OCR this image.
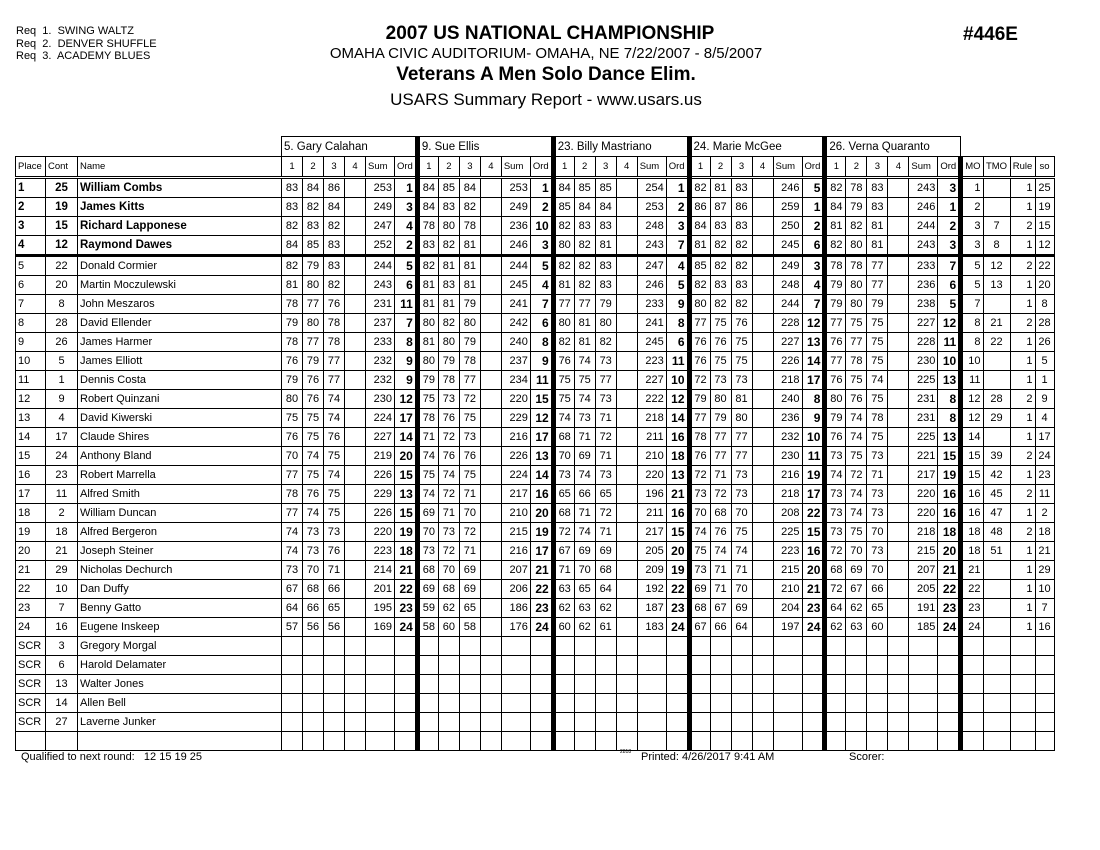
Req  1.  SWING WALTZ
Req  2.  DENVER SHUFFLE
Req  3.  ACADEMY BLUES
2007 US NATIONAL CHAMPIONSHIP
OMAHA CIVIC AUDITORIUM- OMAHA, NE 7/22/2007 - 8/5/2007
Veterans A Men Solo Dance Elim.
USARS Summary Report - www.usars.us
#446E
			5. Gary Calahan						9. Sue Ellis						23. Billy Mastriano						24. Marie McGee						26. Verna Quaranto									
Place	Cont	Name	1	2	3	4	Sum	Ord	1	2	3	4	Sum	Ord	1	2	3	4	Sum	Ord	1	2	3	4	Sum	Ord	1	2	3	4	Sum	Ord	MO	TMO	Rule	so
1	25	William Combs	83	84	86		253	1	84	85	84		253	1	84	85	85		254	1	82	81	83		246	5	82	78	83		243	3	1		1	25
2	19	James Kitts	83	82	84		249	3	84	83	82		249	2	85	84	84		253	2	86	87	86		259	1	84	79	83		246	1	2		1	19
3	15	Richard Lapponese	82	83	82		247	4	78	80	78		236	10	82	83	83		248	3	84	83	83		250	2	81	82	81		244	2	3	7	2	15
4	12	Raymond Dawes	84	85	83		252	2	83	82	81		246	3	80	82	81		243	7	81	82	82		245	6	82	80	81		243	3	3	8	1	12
5	22	Donald Cormier	82	79	83		244	5	82	81	81		244	5	82	82	83		247	4	85	82	82		249	3	78	78	77		233	7	5	12	2	22
6	20	Martin Moczulewski	81	80	82		243	6	81	83	81		245	4	81	82	83		246	5	82	83	83		248	4	79	80	77		236	6	5	13	1	20
7	8	John Meszaros	78	77	76		231	11	81	81	79		241	7	77	77	79		233	9	80	82	82		244	7	79	80	79		238	5	7		1	8
8	28	David Ellender	79	80	78		237	7	80	82	80		242	6	80	81	80		241	8	77	75	76		228	12	77	75	75		227	12	8	21	2	28
9	26	James Harmer	78	77	78		233	8	81	80	79		240	8	82	81	82		245	6	76	76	75		227	13	76	77	75		228	11	8	22	1	26
10	5	James Elliott	76	79	77		232	9	80	79	78		237	9	76	74	73		223	11	76	75	75		226	14	77	78	75		230	10	10		1	5
11	1	Dennis Costa	79	76	77		232	9	79	78	77		234	11	75	75	77		227	10	72	73	73		218	17	76	75	74		225	13	11		1	1
12	9	Robert Quinzani	80	76	74		230	12	75	73	72		220	15	75	74	73		222	12	79	80	81		240	8	80	76	75		231	8	12	28	2	9
13	4	David Kiwerski	75	75	74		224	17	78	76	75		229	12	74	73	71		218	14	77	79	80		236	9	79	74	78		231	8	12	29	1	4
14	17	Claude Shires	76	75	76		227	14	71	72	73		216	17	68	71	72		211	16	78	77	77		232	10	76	74	75		225	13	14		1	17
15	24	Anthony Bland	70	74	75		219	20	74	76	76		226	13	70	69	71		210	18	76	77	77		230	11	73	75	73		221	15	15	39	2	24
16	23	Robert Marrella	77	75	74		226	15	75	74	75		224	14	73	74	73		220	13	72	71	73		216	19	74	72	71		217	19	15	42	1	23
17	11	Alfred Smith	78	76	75		229	13	74	72	71		217	16	65	66	65		196	21	73	72	73		218	17	73	74	73		220	16	16	45	2	11
18	2	William Duncan	77	74	75		226	15	69	71	70		210	20	68	71	72		211	16	70	68	70		208	22	73	74	73		220	16	16	47	1	2
19	18	Alfred Bergeron	74	73	73		220	19	70	73	72		215	19	72	74	71		217	15	74	76	75		225	15	73	75	70		218	18	18	48	2	18
20	21	Joseph Steiner	74	73	76		223	18	73	72	71		216	17	67	69	69		205	20	75	74	74		223	16	72	70	73		215	20	18	51	1	21
21	29	Nicholas Dechurch	73	70	71		214	21	68	70	69		207	21	71	70	68		209	19	73	71	71		215	20	68	69	70		207	21	21		1	29
22	10	Dan Duffy	67	68	66		201	22	69	68	69		206	22	63	65	64		192	22	69	71	70		210	21	72	67	66		205	22	22		1	10
23	7	Benny Gatto	64	66	65		195	23	59	62	65		186	23	62	63	62		187	23	68	67	69		204	23	64	62	65		191	23	23		1	7
24	16	Eugene Inskeep	57	56	56		169	24	58	60	58		176	24	60	62	61		183	24	67	66	64		197	24	62	63	60		185	24	24		1	16
SCR	3	Gregory Morgal																																		
SCR	6	Harold Delamater																																		
SCR	13	Walter Jones																																		
SCR	14	Allen Bell																																		
SCR	27	Laverne Junker																																		

Qualified to next round: 12 15 19 25	2818 Printed: 4/26/2017 9:41 AM	Scorer:
